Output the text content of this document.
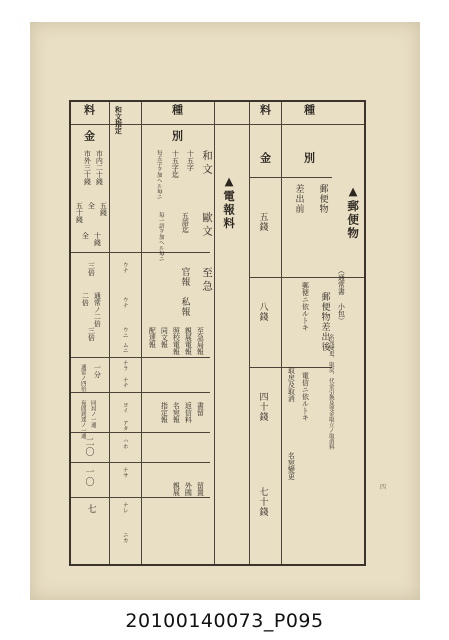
料
金
和文指定	種
別
和文
歐文
至急
官報
私報
十五字
十五字迄
每五字ヲ加ヘル毎ニ
五語迄
毎一語ヲ加ヘル毎ニ
至急局報
親展電報
照校電報
同文報
配達報
書留
返信料
名宛報
指定報
留置
外國
親展
ウナ
ウナ
ウニ
ムニ
ナラ
ナチ
ヨイ
アタ
ハホ
ナサ
ナレ
ニカ
市内二十錢
市外三十錢
五錢
全
五十錢
十錢
全
三倍
通常ノ二倍
二倍
三倍
一分
通常ノ四倍
同局ノ一通
夜間到達ノ一通
二〇
一〇
七
▲電報料
料
金
種
別
郵便物
差出前
郵便ニ依ルトキ
電信ニ依ルトキ
郵便物差出後
取戻及取消
名宛變更
五錢
八錢
四十錢
七十錢
▲郵便物
（通常書 小包）
名宛變更、取戻、代金引換及兇金取立ノ取消料
四
20100140073_P095
